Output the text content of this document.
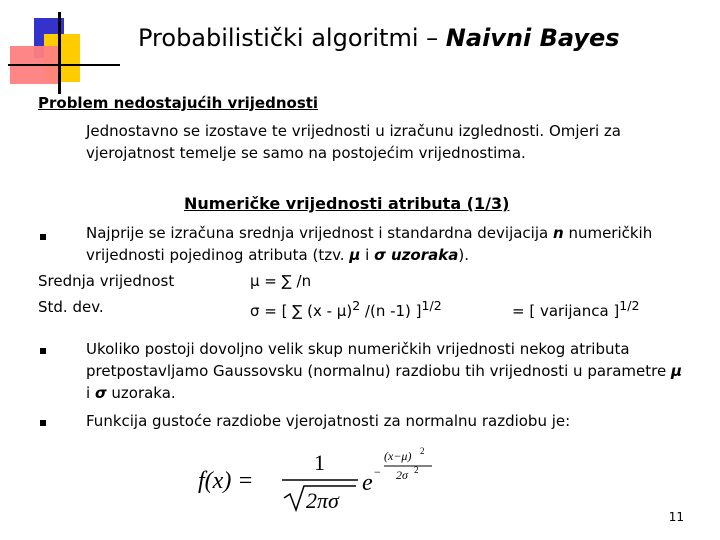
Probabilistički algoritmi – Naivni Bayes
Problem nedostajućih vrijednosti
Jednostavno se izostave te vrijednosti u izračunu izglednosti. Omjeri za vjerojatnost temelje se samo na postojećim vrijednostima.
Numeričke vrijednosti atributa (1/3)
Najprije se izračuna srednja vrijednost i standardna devijacija n numeričkih vrijednosti pojedinog atributa (tzv. μ i σ uzoraka).
Srednja vrijednost	μ = ∑ /n
Std. dev.	σ = [ ∑ (x - μ)$^2$ /(n -1) ]$^{1/2}$	= [ varijanca ]$^{1/2}$
Ukoliko postoji dovoljno velik skup numeričkih vrijednosti nekog atributa pretpostavljamo Gaussovsku (normalnu) razdiobu tih vrijednosti u parametre μ i σ uzoraka.
Funkcija gustoće razdiobe vjerojatnosti za normalnu razdiobu je:
f(x) =
1
2πσ
e −
(x−μ) 2
2σ 2
11
